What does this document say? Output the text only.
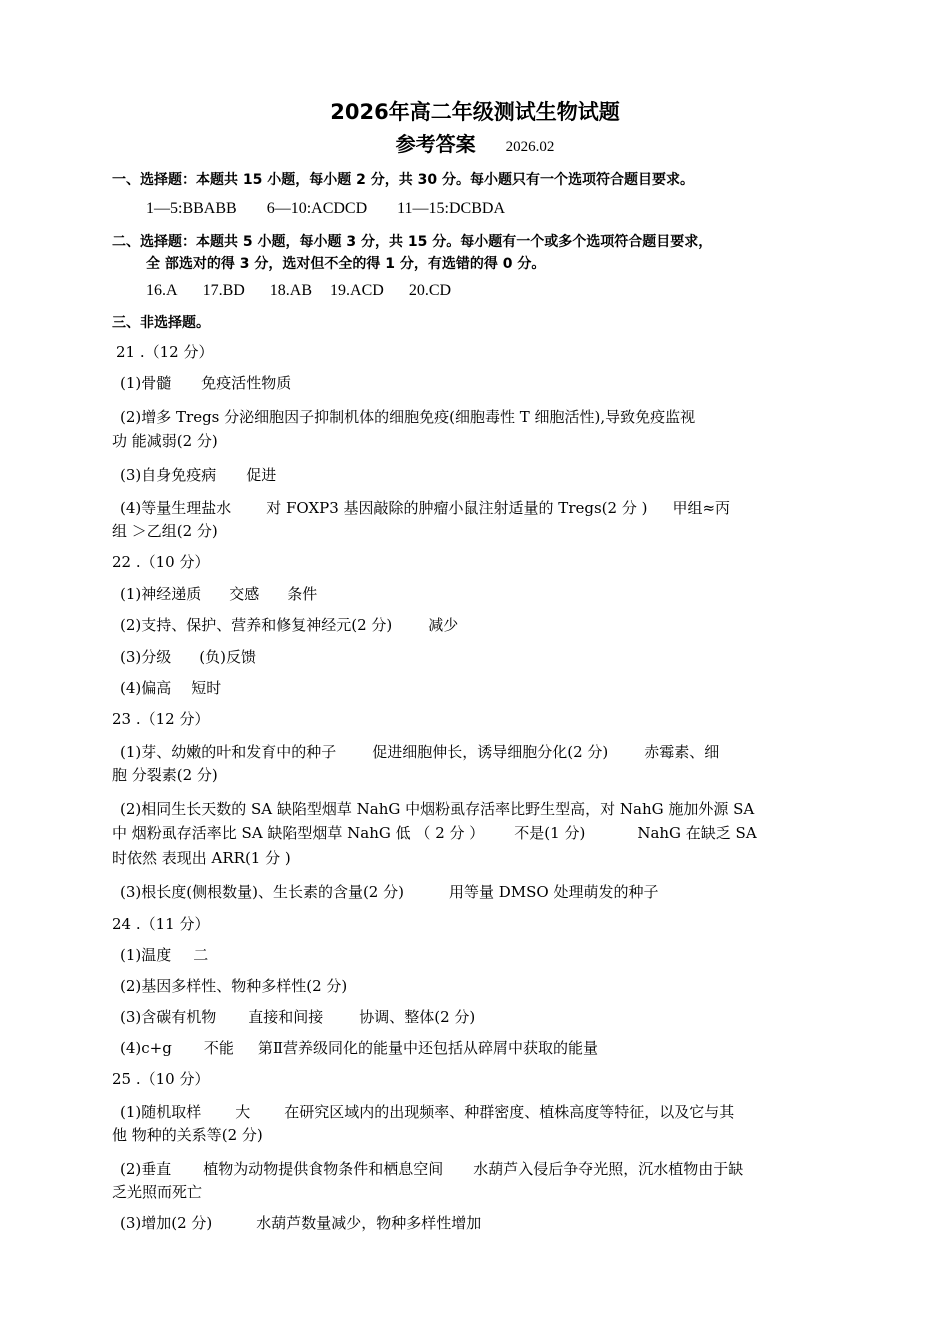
2026年高二年级测试生物试题
参考答案 2026.02
一、选择题：本题共 15 小题，每小题 2 分，共 30 分。每小题只有一个选项符合题目要求。
1—5:BBABB 6—10:ACDCD 11—15:DCBDA
二、选择题：本题共 5 小题，每小题 3 分，共 15 分。每小题有一个或多个选项符合题目要求，
全 部选对的得 3 分，选对但不全的得 1 分，有选错的得 0 分。
16.A 17.BD 18.AB 19.ACD 20.CD
三、非选择题。
21 .（12 分）
(1)骨髓 免疫活性物质
(2)增多 Tregs 分泌细胞因子抑制机体的细胞免疫(细胞毒性 T 细胞活性),导致免疫监视
功 能减弱(2 分)
(3)自身免疫病 促进
(4)等量生理盐水 对 FOXP3 基因敲除的肿瘤小鼠注射适量的 Tregs(2 分 ) 甲组≈丙
组 ＞乙组(2 分)
22 .（10 分）
(1)神经递质 交感 条件
(2)支持、保护、营养和修复神经元(2 分) 减少
(3)分级 (负)反馈
(4)偏高 短时
23 .（12 分）
(1)芽、幼嫩的叶和发育中的种子 促进细胞伸长，诱导细胞分化(2 分) 赤霉素、细
胞 分裂素(2 分)
(2)相同生长天数的 SA 缺陷型烟草 NahG 中烟粉虱存活率比野生型高，对 NahG 施加外源 SA
中 烟粉虱存活率比 SA 缺陷型烟草 NahG 低 （ 2 分 ） 不是(1 分)	NahG 在缺乏 SA
时依然 表现出 ARR(1 分 )
(3)根长度(侧根数量)、生长素的含量(2 分)	用等量 DMSO 处理萌发的种子
24 .（11 分）
(1)温度 二
(2)基因多样性、物种多样性(2 分)
(3)含碳有机物 直接和间接 协调、整体(2 分)
(4)c+g 不能 第Ⅱ营养级同化的能量中还包括从碎屑中获取的能量
25 .（10 分）
(1)随机取样 大 在研究区域内的出现频率、种群密度、植株高度等特征，以及它与其
他 物种的关系等(2 分)
(2)垂直 植物为动物提供食物条件和栖息空间 水葫芦入侵后争夺光照，沉水植物由于缺
乏光照而死亡
(3)增加(2 分)	水葫芦数量减少，物种多样性增加
